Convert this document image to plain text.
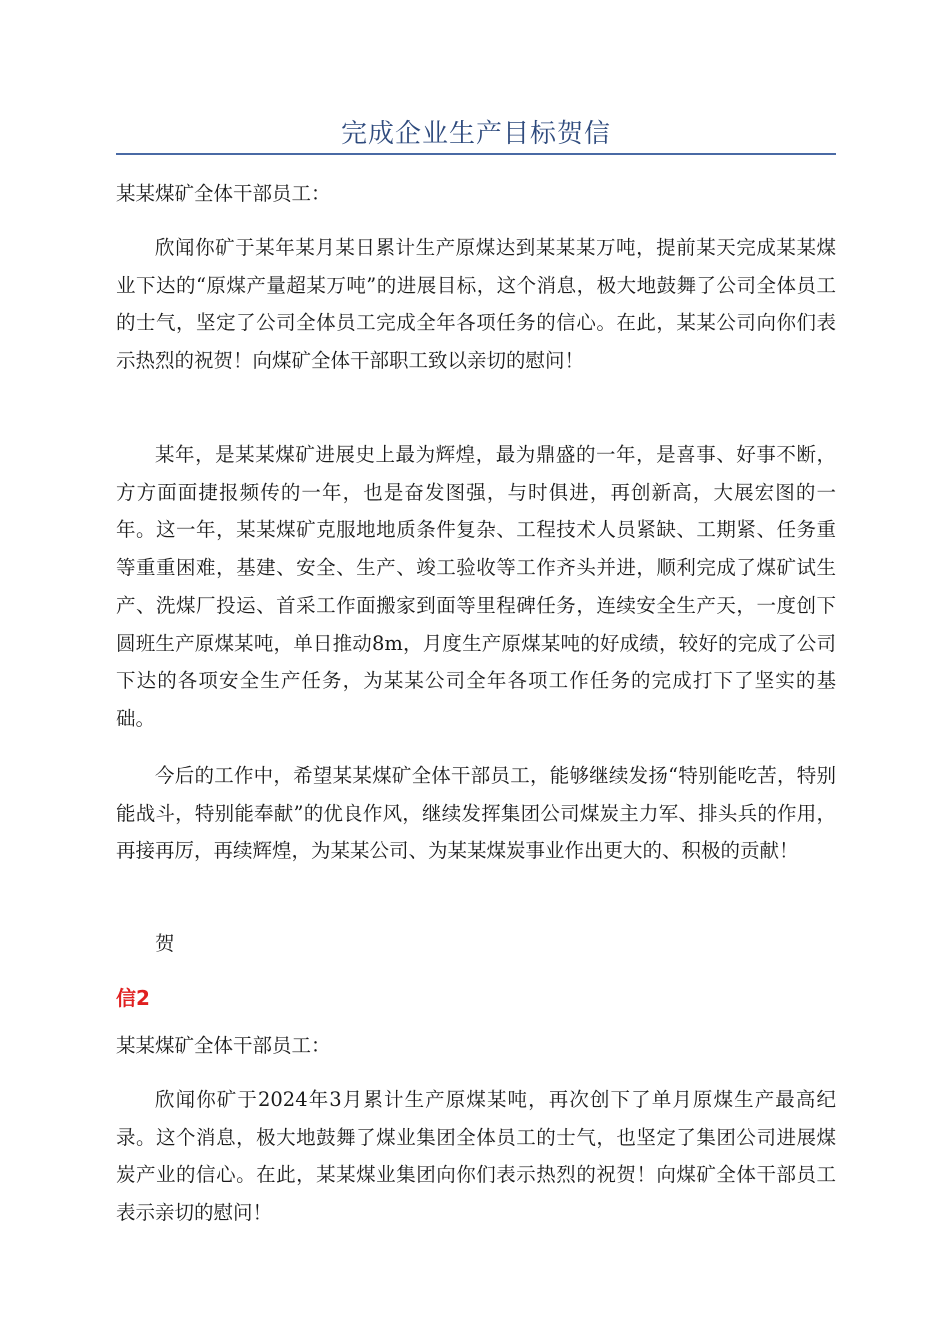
完成企业生产目标贺信

某某煤矿全体干部员工：

欣闻你矿于某年某月某日累计生产原煤达到某某某万吨，提前某天完成某某煤业下达的“原煤产量超某万吨”的进展目标，这个消息，极大地鼓舞了公司全体员工的士气，坚定了公司全体员工完成全年各项任务的信心。在此，某某公司向你们表示热烈的祝贺！向煤矿全体干部职工致以亲切的慰问！

某年，是某某煤矿进展史上最为辉煌，最为鼎盛的一年，是喜事、好事不断，方方面面捷报频传的一年，也是奋发图强，与时俱进，再创新高，大展宏图的一年。这一年，某某煤矿克服地地质条件复杂、工程技术人员紧缺、工期紧、任务重等重重困难，基建、安全、生产、竣工验收等工作齐头并进，顺利完成了煤矿试生产、洗煤厂投运、首采工作面搬家到面等里程碑任务，连续安全生产天，一度创下圆班生产原煤某吨，单日推动8m，月度生产原煤某吨的好成绩，较好的完成了公司下达的各项安全生产任务，为某某公司全年各项工作任务的完成打下了坚实的基础。

今后的工作中，希望某某煤矿全体干部员工，能够继续发扬“特别能吃苦，特别能战斗，特别能奉献”的优良作风，继续发挥集团公司煤炭主力军、排头兵的作用，再接再厉，再续辉煌，为某某公司、为某某煤炭事业作出更大的、积极的贡献！

贺

信2

某某煤矿全体干部员工：

欣闻你矿于2024年3月累计生产原煤某吨，再次创下了单月原煤生产最高纪录。这个消息，极大地鼓舞了煤业集团全体员工的士气，也坚定了集团公司进展煤炭产业的信心。在此，某某煤业集团向你们表示热烈的祝贺！向煤矿全体干部员工表示亲切的慰问！
